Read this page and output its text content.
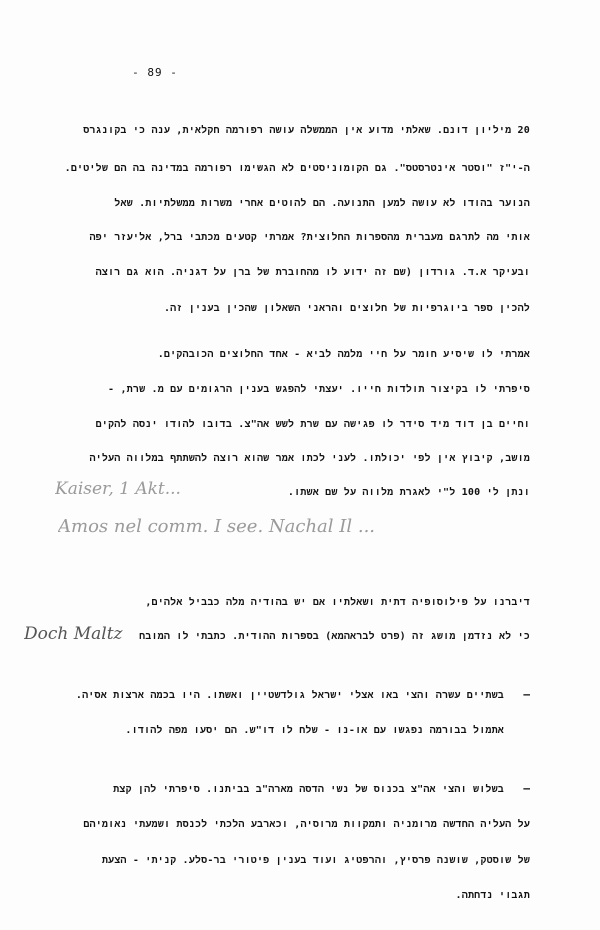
- 89 -
20 מיליון דונם. שאלתי מדוע אין הממשלה עושה רפורמה חקלאית, ענה כי בקונגרס
ה-י"ז "וסטר אינטרסטס". גם הקומוניסטים לא הגשימו רפורמה במדינה בה הם שליטים.
הנוער בהודו לא עושה למען התנועה. הם להוטים אחרי משרות ממשלתיות. שאל
אותי מה לתרגם מעברית מהספרות החלוצית? אמרתי קטעים מכתבי ברל, אליעזר יפה
ובעיקר א.ד. גורדון (שם זה ידוע לו מהחוברת של ברן על דגניה. הוא גם רוצה
להכין ספר ביוגרפיות של חלוצים והראני השאלון שהכין בענין זה.
אמרתי לו שיסיע חומר על חיי מלמה לביא - אחד החלוצים הכובהקים.
סיפרתי לו בקיצור תולדות חייו. יעצתי להפגש בענין הרגומים עם מ. שרת, -
וחיים בן דוד מיד סידר לו פגישה עם שרת לשש אה"צ. בדובו להודו ינסה להקים
מושב, קיבוץ אין לפי יכולתו. לעני לכתו אמר שהוא רוצה להשתתף במלווה העליה
ונתן לי 100 ל"י לאגרת מלווה על שם אשתו.
Kaiser, 1 Akt...
Amos nel comm. I see. Nachal Il ...
דיברנו על פילוסופיה דתית ושאלתיו אם יש בהודיה מלה כבביל אלהים,
כי לא נזדמן מושג זה (פרט לבראהמא) בספרות ההודית. כתבתי לו המובח
Doch Maltz
–
בשתיים עשרה והצי באו אצלי ישראל גולדשטיין ואשתו. היו בכמה ארצות אסיה.
אתמול בבורמה נפגשו עם או-נו - שלח לו דו"ש. הם יסעו מפה להודו.
–
בשלוש והצי אה"צ בכנוס של נשי הדסה מארה"ב בביתנו. סיפרתי להן קצת
על העליה החדשה מרומניה ותמקוות מרוסיה, וכארבע הלכתי לכנסת ושמעתי נאומיהם
של שוסטק, שושנה פרסיץ, והרפטיג ועוד בענין פיטורי בר-סלע. קניתי - הצעת
תגבוי נדחתה.
